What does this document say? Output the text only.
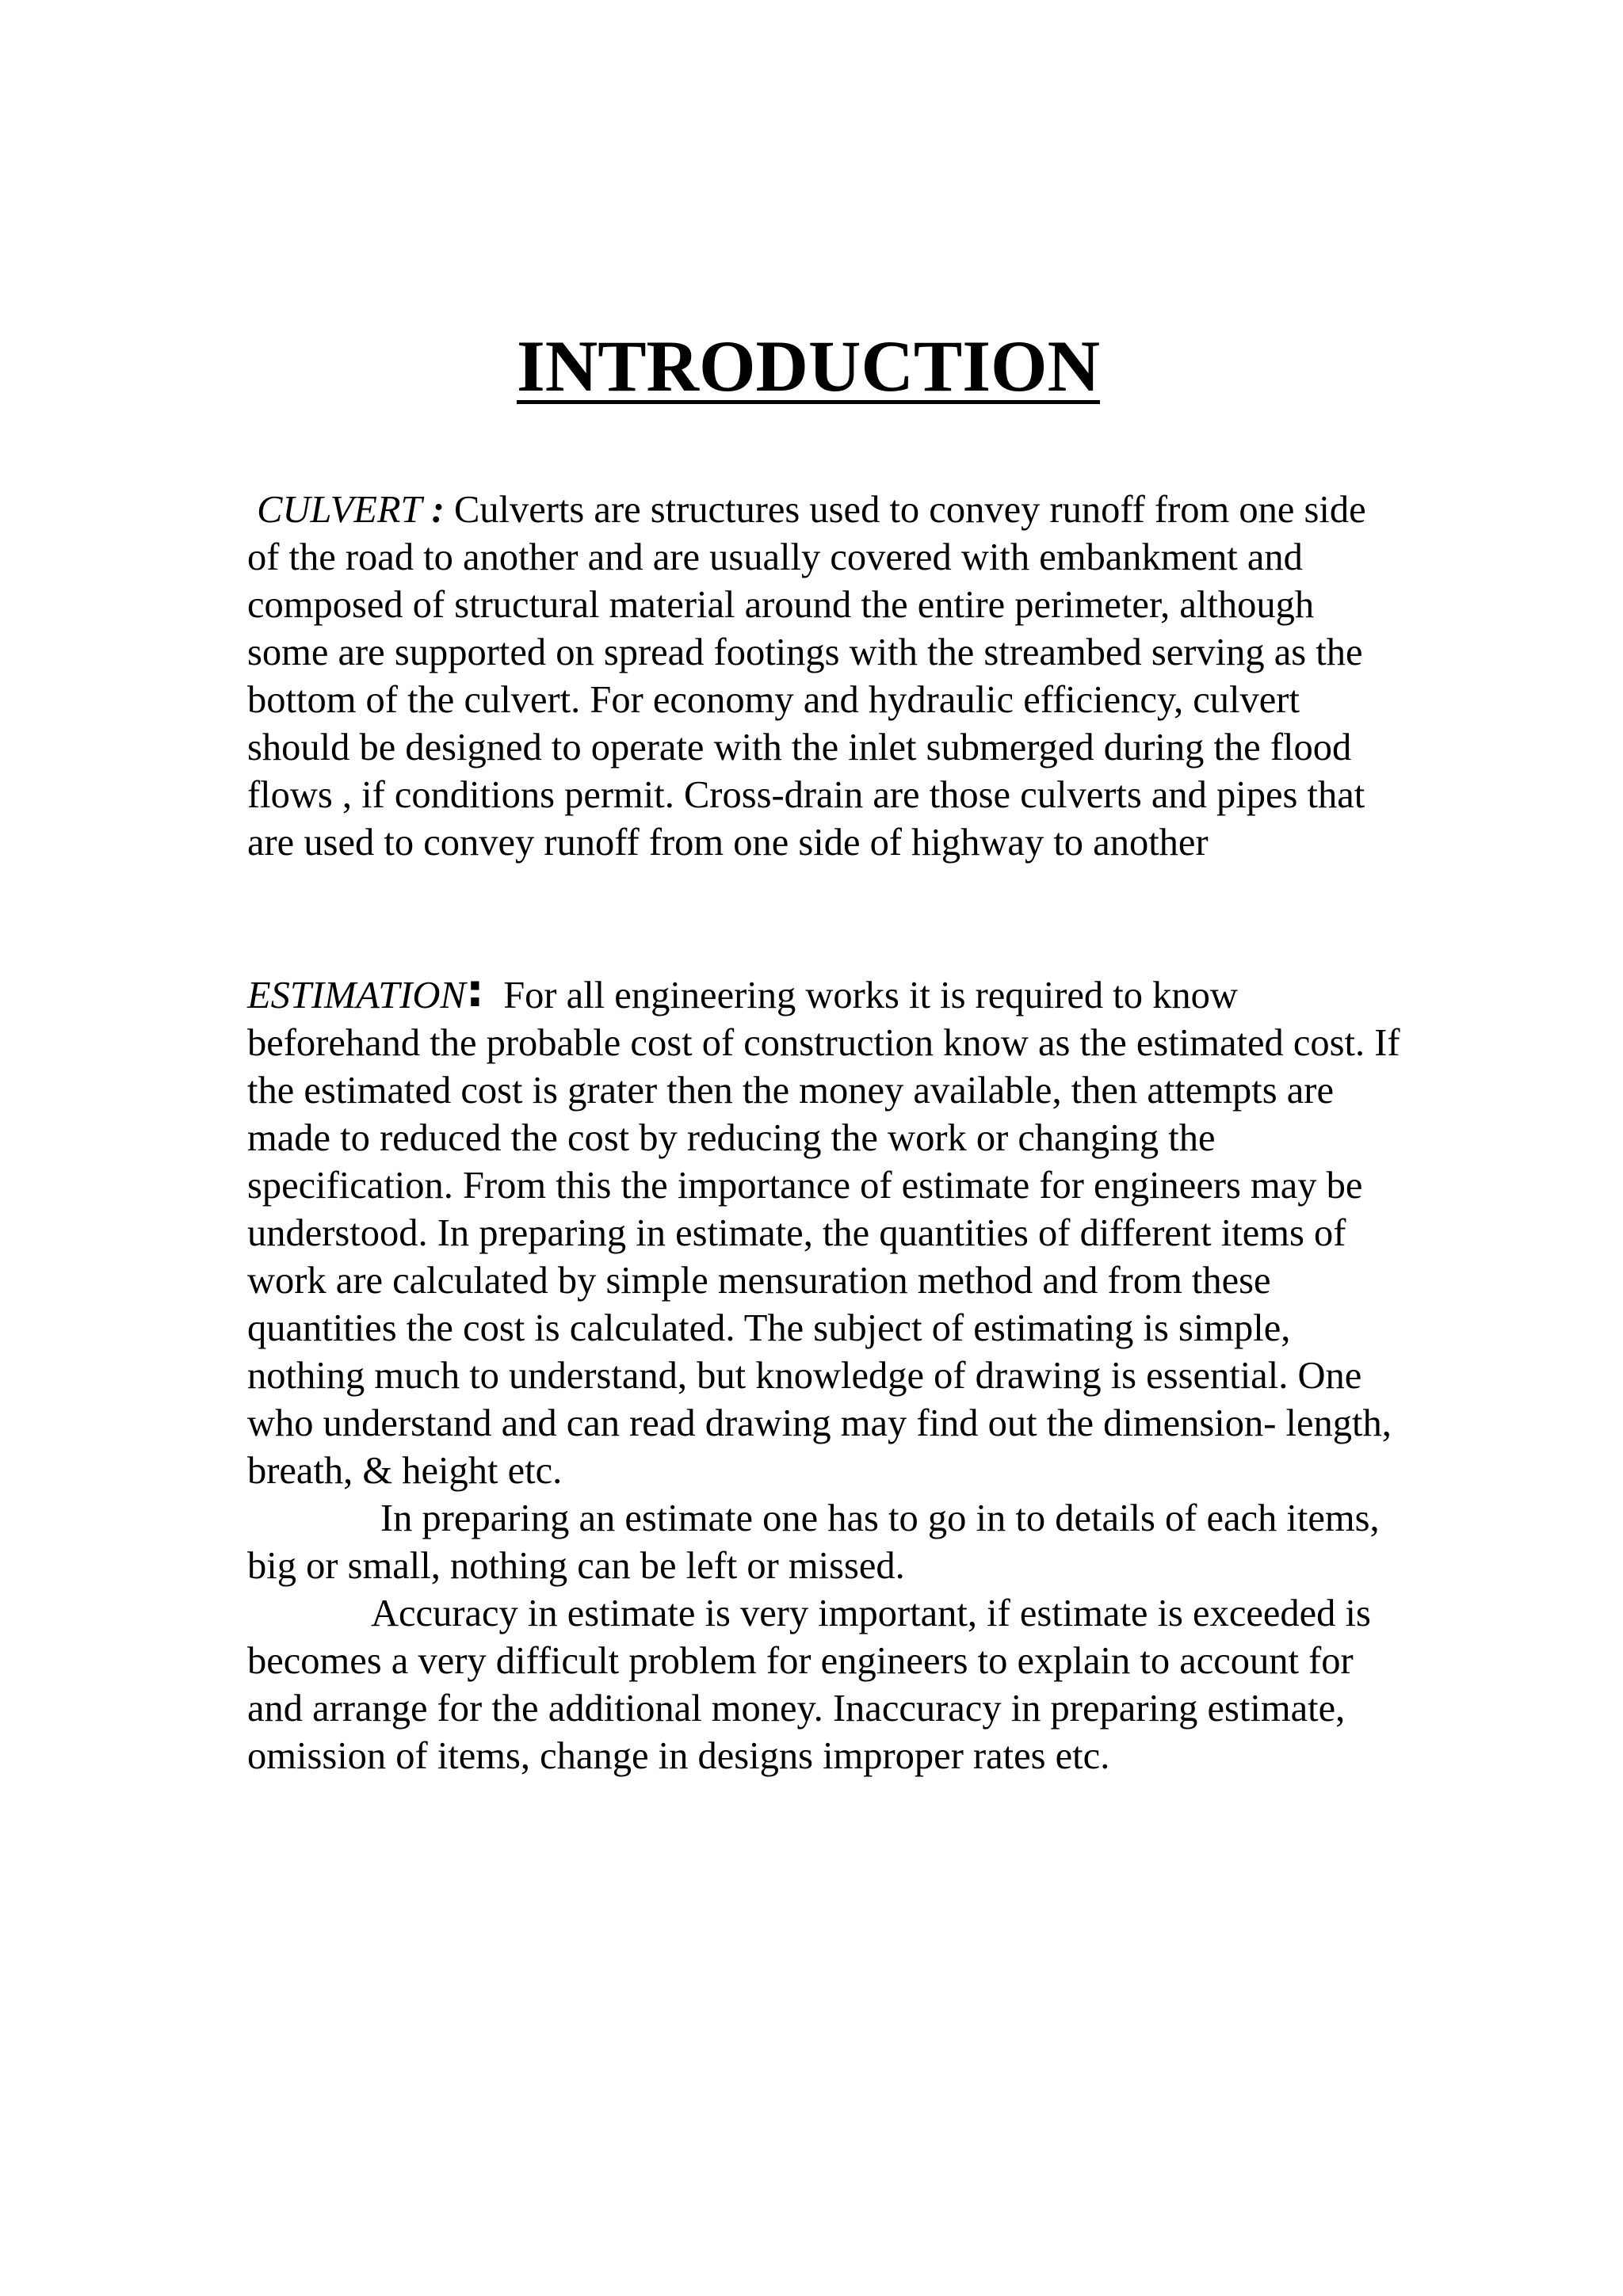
INTRODUCTION

CULVERT : Culverts are structures used to convey runoff from one side of the road to another and are usually covered with embankment and composed of structural material around the entire perimeter, although some are supported on spread footings with the streambed serving as the bottom of the culvert. For economy and hydraulic efficiency, culvert should be designed to operate with the inlet submerged during the flood flows , if conditions permit. Cross-drain are those culverts and pipes that are used to convey runoff from one side of highway to another

ESTIMATION: For all engineering works it is required to know beforehand the probable cost of construction know as the estimated cost. If the estimated cost is grater then the money available, then attempts are made to reduced the cost by reducing the work or changing the specification. From this the importance of estimate for engineers may be understood. In preparing in estimate, the quantities of different items of work are calculated by simple mensuration method and from these quantities the cost is calculated. The subject of estimating is simple, nothing much to understand, but knowledge of drawing is essential. One who understand and can read drawing may find out the dimension- length, breath, & height etc.

In preparing an estimate one has to go in to details of each items, big or small, nothing can be left or missed.

Accuracy in estimate is very important, if estimate is exceeded is becomes a very difficult problem for engineers to explain to account for and arrange for the additional money. Inaccuracy in preparing estimate, omission of items, change in designs improper rates etc.
